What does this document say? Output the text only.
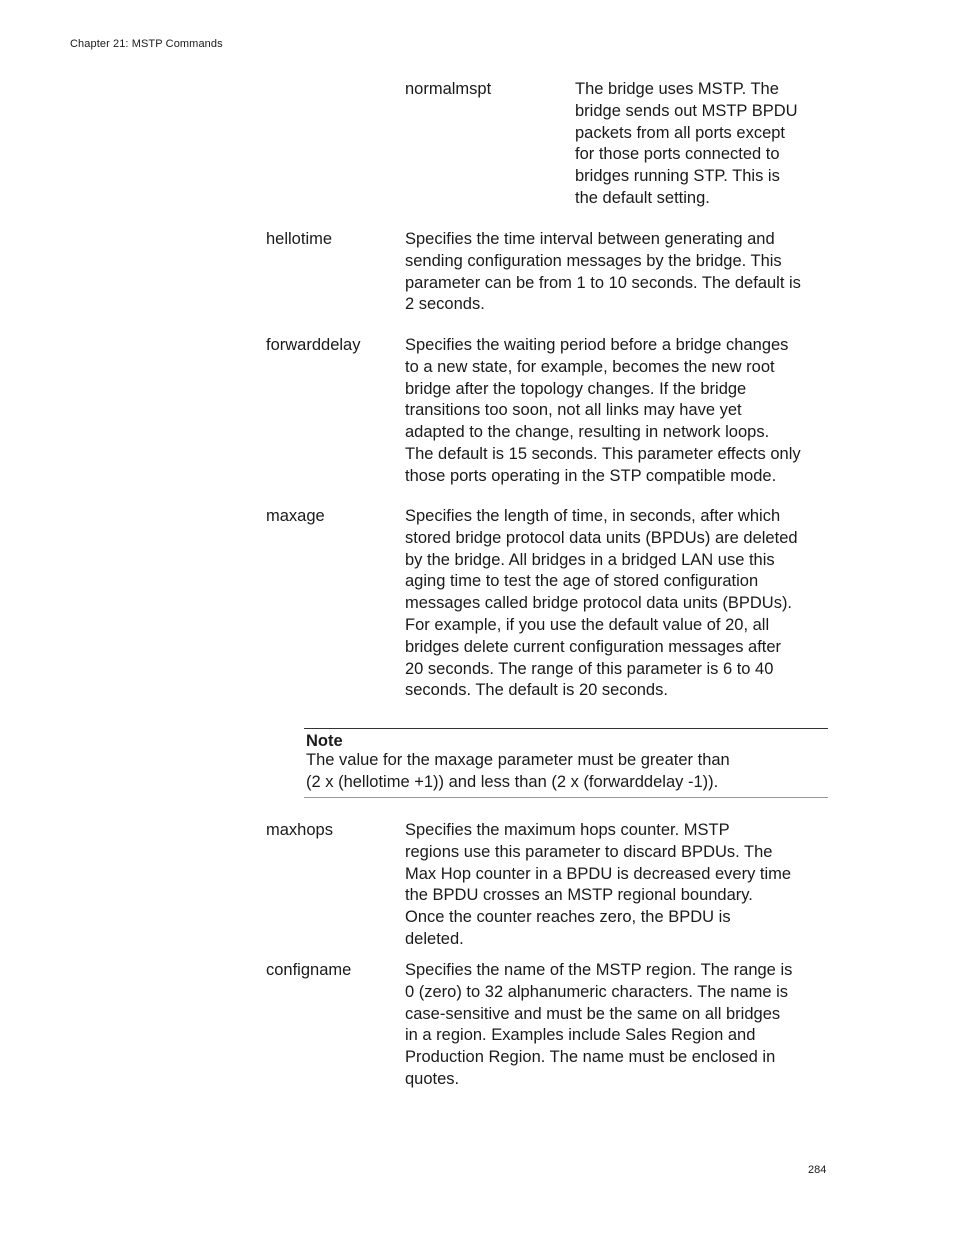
Chapter 21: MSTP Commands
normalmspt	The bridge uses MSTP. The
bridge sends out MSTP BPDU
packets from all ports except
for those ports connected to
bridges running STP. This is
the default setting.
hellotime	Specifies the time interval between generating and
sending configuration messages by the bridge. This
parameter can be from 1 to 10 seconds. The default is
2 seconds.
forwarddelay	Specifies the waiting period before a bridge changes
to a new state, for example, becomes the new root
bridge after the topology changes. If the bridge
transitions too soon, not all links may have yet
adapted to the change, resulting in network loops.
The default is 15 seconds. This parameter effects only
those ports operating in the STP compatible mode.
maxage	Specifies the length of time, in seconds, after which
stored bridge protocol data units (BPDUs) are deleted
by the bridge. All bridges in a bridged LAN use this
aging time to test the age of stored configuration
messages called bridge protocol data units (BPDUs).
For example, if you use the default value of 20, all
bridges delete current configuration messages after
20 seconds. The range of this parameter is 6 to 40
seconds. The default is 20 seconds.
Note
The value for the maxage parameter must be greater than
(2 x (hellotime +1)) and less than (2 x (forwarddelay -1)).
maxhops	Specifies the maximum hops counter. MSTP
regions use this parameter to discard BPDUs. The
Max Hop counter in a BPDU is decreased every time
the BPDU crosses an MSTP regional boundary.
Once the counter reaches zero, the BPDU is
deleted.
configname	Specifies the name of the MSTP region. The range is
0 (zero) to 32 alphanumeric characters. The name is
case-sensitive and must be the same on all bridges
in a region. Examples include Sales Region and
Production Region. The name must be enclosed in
quotes.
284
